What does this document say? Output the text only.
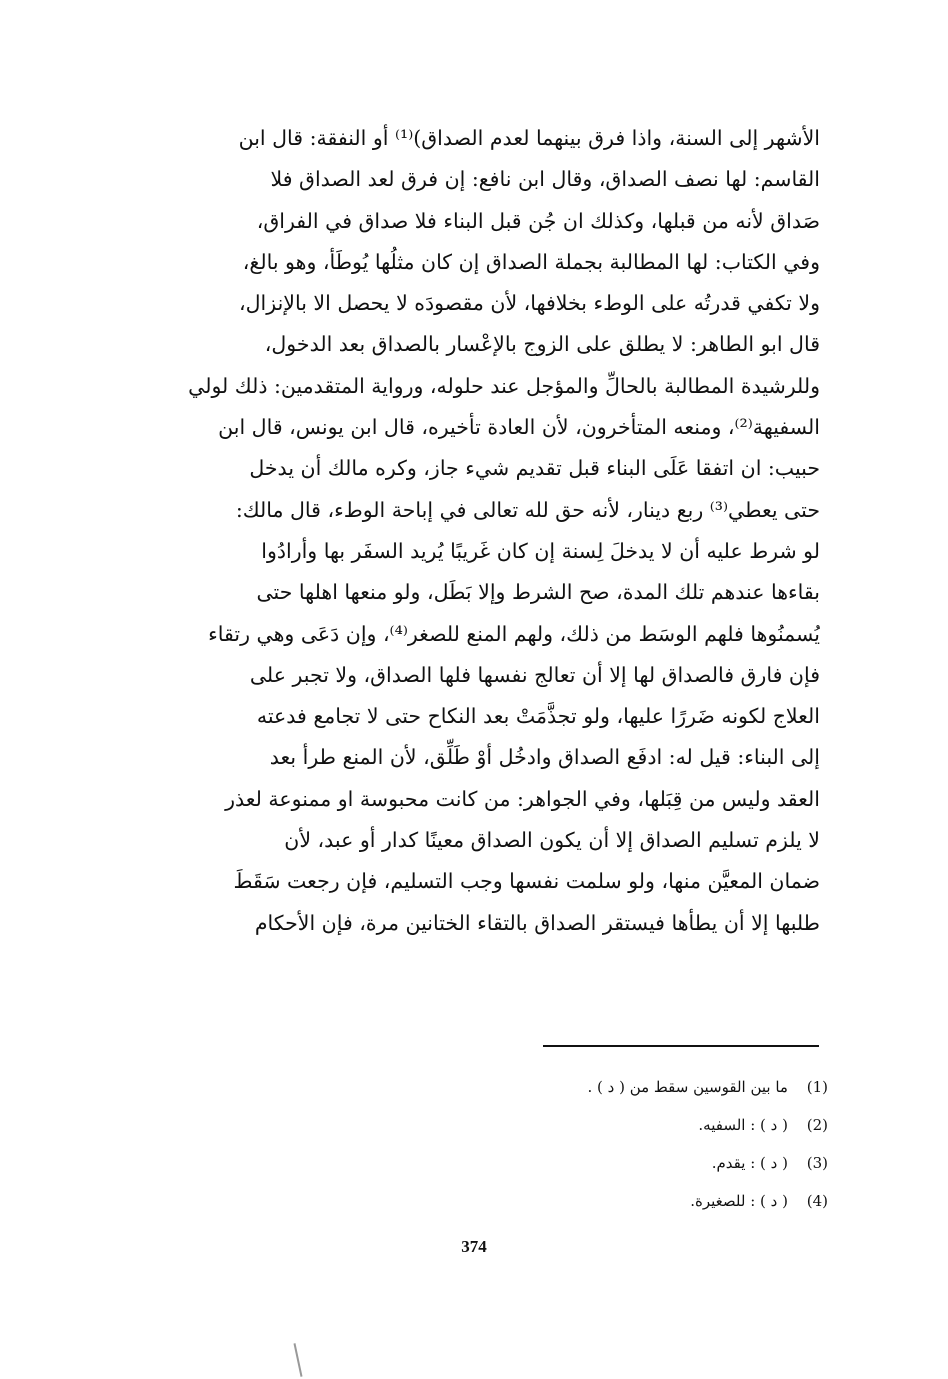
الأشهر إلى السنة، واذا فرق بينهما لعدم الصداق)⁽¹⁾ أو النفقة: قال ابن
القاسم: لها نصف الصداق، وقال ابن نافع: إن فرق لعد الصداق فلا
صَداق لأنه من قبلها، وكذلك ان جُن قبل البناء فلا صداق في الفراق،
وفي الكتاب: لها المطالبة بجملة الصداق إن كان مثلُها يُوطَأ، وهو بالغ،
ولا تكفي قدرتُه على الوطء بخلافها، لأن مقصودَه لا يحصل الا بالإنزال،
قال ابو الطاهر: لا يطلق على الزوج بالإعْسار بالصداق بعد الدخول،
وللرشيدة المطالبة بالحالِّ والمؤجل عند حلوله، ورواية المتقدمين: ذلك لولي
السفيهة⁽²⁾، ومنعه المتأخرون، لأن العادة تأخيره، قال ابن يونس، قال ابن
حبيب: ان اتفقا عَلَى البناء قبل تقديم شيء جاز، وكره مالك أن يدخل
حتى يعطي⁽³⁾ ربع دينار، لأنه حق لله تعالى في إباحة الوطء، قال مالك:
لو شرط عليه أن لا يدخلَ لِسنة إن كان غَريبًا يُريد السفَر بها وأرادُوا
بقاءها عندهم تلك المدة، صح الشرط وإلا بَطَل، ولو منعها اهلها حتى
يُسمنُوها فلهم الوسَط من ذلك، ولهم المنع للصغر⁽⁴⁾، وإن دَعَى وهي رتقاء
فإن فارق فالصداق لها إلا أن تعالج نفسها فلها الصداق، ولا تجبر على
العلاج لكونه ضَررًا عليها، ولو تجذَّمَتْ بعد النكاح حتى لا تجامع فدعته
إلى البناء: قيل له: ادفَع الصداق وادخُل أوْ طَلِّق، لأن المنع طرأ بعد
العقد وليس من قِبَلها، وفي الجواهر: من كانت محبوسة او ممنوعة لعذر
لا يلزم تسليم الصداق إلا أن يكون الصداق معينًا كدار أو عبد، لأن
ضمان المعيَّن منها، ولو سلمت نفسها وجب التسليم، فإن رجعت سَقَطَ
طلبها إلا أن يطأها فيستقر الصداق بالتقاء الختانين مرة، فإن الأحكام
(1) ما بين القوسين سقط من ( د ) .
(2) ( د ) : السفيه.
(3) ( د ) : يقدم.
(4) ( د ) : للصغيرة.
374
